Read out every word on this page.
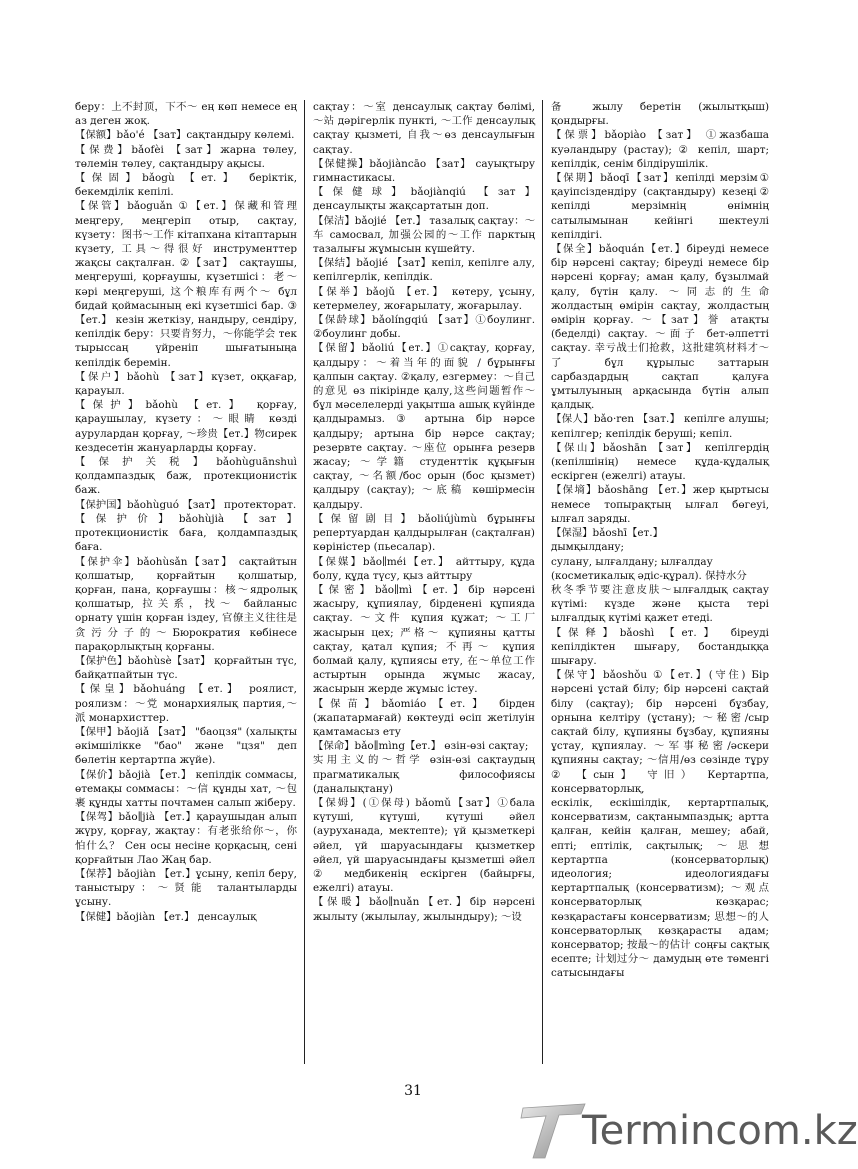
беру：上不封顶，下不～ ең көп немесе ең аз деген жоқ.

【保额】bǎo'é 【зат】сақтандыру көлемі.

【保费】bǎofèi 【зат】жарна төлеу, төлемін төлеу, сақтандыру ақысы.

【保固】bǎogù 【ет.】 беріктік, бекемділік кепілі.

【保管】bǎoguǎn ①【ет.】保藏和管理 меңгеру, меңгеріп отыр, сақтау, күзету：图书～工作 кітапхана кітаптарын күзету, 工具～得很好 инструменттер жақсы сақталған. ②【зат】 сақтаушы, меңгеруші, қорғаушы, күзетшісі：老～ кәрі меңгеруші, 这个粮库有两个～ бұл бидай қоймасының екі күзетшісі бар. ③【ет.】 кезін жеткізу, нандыру, сендіру, кепілдік беру：只要肯努力，～你能学会 тек тырыссаң үйреніп шығатыныңа кепілдік беремін.

【保户】bǎohù 【зат】күзет, оққағар, қарауыл.

【保护】bǎohù 【ет.】 қорғау, қараушылау, күзету：～眼睛 көзді аурулардан қорғау, ～珍贵【ет.】物сирек кездесетін жануарларды қорғау.

【保护关税】bǎohùguānshuì қолдампаздық баж, протекционистік баж.

【保护国】bǎohùguó 【зат】 протекторат.

【保护价】bǎohùjià 【зат】 протекционистік баға, қолдампаздық баға.

【保护伞】bǎohùsǎn【зат】 сақтайтын қолшатыр, қорғайтын қолшатыр, қорған, пана, қорғаушы：核～ядролық қолшатыр, 拉关系，找～ байланыс орнату үшін қорған іздеу, 官僚主义往往是贪污分子的～Бюрократия көбінесе парақорлықтың қорғаны.

【保护色】bǎohùsè【зат】 қорғайтын түс, байқатпайтын түс.

【保皇】bǎohuáng 【ет.】 роялист, роялизм：～党 монархиялық партия,～派 монархисттер.

【保甲】bǎojiǎ 【зат】 "баоцзя" (халықты әкімшілікке "бао" және "цзя" деп бөлетін кертартпа жүйе).

【保价】bǎojià 【ет.】 кепілдік соммасы, өтемақы соммасы：～信 құнды хат, ～包裹 құнды хатты почтамен салып жіберу.

【保驾】bǎo∥jià 【ет.】қараушыдан алып жүру, қорғау, жақтау：有老张给你～，你怕什么？ Сен осы несіне қорқасың, сені қорғайтын Лао Жаң бар.

【保荐】bǎojiàn 【ет.】ұсыну, кепіл беру, таныстыру：～贤能 талантыларды ұсыну.

【保健】bǎojiàn 【ет.】 денсаулық

сақтау：～室 денсаулық сақтау бөлімі, ～站 дәрігерлік пункті, ～工作 денсаулық сақтау қызметі, 自我～өз денсаулығын сақтау.

【保健操】bǎojiàncāo 【зат】 сауықтыру гимнастикасы.

【保健球】bǎojiànqiú 【зат】 денсаулықты жақсартатын доп.

【保洁】bǎojié 【ет.】 тазалық сақтау：～车 самосвал, 加强公园的～工作 парктың тазалығы жұмысын күшейту.

【保结】bǎojié 【зат】кепіл, кепілге алу, кепілгерлік, кепілдік.

【保举】bǎojǔ 【ет.】 көтеру, ұсыну, кетермелеу, жоғарылату, жоғарылау.

【保龄球】bǎolíngqiú 【зат】①боулинг. ②боулинг добы.

【保留】bǎoliú【ет.】①сақтау, қорғау, қалдыру：～着当年的面貌 / бұрынғы қалпын сақтау. ②қалу, езгермеу：～自己的意见 өз пікірінде қалу,这些问题暂作～бұл мәселелерді уақытша ашық күйінде қалдырамыз. ③ артына бір нәрсе қалдыру; артына бір нәрсе сақтау; резервте сақтау. ～座位 орынға резерв жасау; ～学籍 студенттік құқығын сақтау, ～名额/бос орын (бос қызмет) қалдыру (сақтау); ～底稿 көшірмесін қалдыру.

【保留剧目】bǎoliújùmù бұрынғы репертуардан қалдырылған (сақталған) көріністер (пьесалар).

【保媒】bǎo∥méi【ет.】 айттыру, құда болу, құда түсу, қыз айттыру

【保密】bǎo∥mì【ет.】бір нәрсені жасыру, құпиялау, бірдененi құпияда сақтау. ～文件 құпия құжат; ～工厂 жасырын цех; 严格～ құпияны қатты сақтау, қатал құпия; 不再～ құпия болмай қалу, құпиясы ету, 在～单位工作 астыртын орында жұмыс жасау, жасырын жерде жұмыс істеу.

【保苗】bǎomiáo【ет.】 бірден (жапатармағай) көктеуді өсіп жетілуін қамтамасыз ету

【保命】bǎo∥mìng【ет.】 өзін-өзі сақтау;

实用主义的～哲学 өзін-өзі сақтаудың прагматикалық философиясы (даналықтану)

【保姆】(①保母) bǎomǔ【зат】①бала күтуші, күтуші, күтуші әйел (ауруханада, мектепте); үй қызметкері әйел, үй шаруасындағы қызметкер әйел, үй шаруасындағы қызметші әйел ② медбикенің ескірген (байырғы, ежелгі) атауы.

【保暖】bǎo∥nuǎn【ет.】бір нәрсені жылыту (жылылау, жылындыру); ～设

备 жылу беретін (жылытқыш) қондырғы.

【保票】bǎopiào 【зат】 ①жазбаша куәландыру (растау); ② кепіл, шарт; кепілдік, сенім білдірушілік.

【保期】bǎoqī【зат】кепілді мерзім① қауіпсіздендіру (сақтандыру) кезеңі② кепілді мерзімнің өнімнің сатылымынан кейінгі шектеулі кепілдігі.

【保全】bǎoquán【ет.】біреуді немесе бір нәрсені сақтау; біреуді немесе бір нәрсені қорғау; аман қалу, бұзылмай қалу, бүтін қалу. ～同志的生命 жолдастың өмірін сақтау, жолдастың өмірін қорғау. ～【зат】誉 атақты (беделді) сақтау. ～面子 бет-әлпетті сақтау. 幸亏战士们抢救，这批建筑材料才～了 бұл құрылыс заттарын сарбаздардың сақтап қалуға ұмтылуының арқасында бүтін алып қалдық.

【保人】bǎo·ren 【зат.】 кепілге алушы; кепілгер; кепілдік берушi; кепіл.

【保山】bǎoshān 【зат】 кепілгердің (кепілшінің) немесе құда-құдалық ескірген (ежелгі) атауы.

【保墒】bǎoshāng 【ет.】жер қыртысы немесе топырақтың ылғал бөгеуі, ылғал заряды.

【保湿】bǎoshī【ет.】

дымқылдану;

сулану, ылғалдану; ылғалдау

(косметикалық әдіс-құрал). 保持水分

秋冬季节要注意皮肤～ылғалдық сақтау күтімі: күзде және қыста тері ылғалдық күтімі қажет етеді.

【保释】bǎoshì 【ет.】 біреуді кепілдіктен шығару, бостандыққа шығару.

【保守】bǎoshǒu ①【ет.】(守住) Бір нәрсені ұстай білу; бір нәрсені сақтай білу (сақтау); бір нәрсені бұзбау, орнына келтіру (ұстану); ～秘密/сыр сақтай білу, құпияны бұзбау, құпияны ұстау, құпиялау. ～军事秘密/әскери құпияны сақтау; ～信用/өз сөзінде тұру ② 【сын】 守旧） Кертартпа, консерваторлық,

ескілік, ескішілдік, кертартпалық, консерватизм, сақтанымпаздық; артта қалған, кейін қалған, мешеу; абай, епті; ептілік, сақтылық; ～思想 кертартпа (консерваторлық) идеология; идеологиядағы кертартпалық (консерватизм); ～观点 консерваторлық көзқарас; көзқарастағы консерватизм; 思想～的人 консерваторлық көзқарасты адам; консерватор; 按最～的估计 соңғы сақтық есепте; 计划过分～ дамудың өте төменгі сатысындағы

31
Termincom.kz
